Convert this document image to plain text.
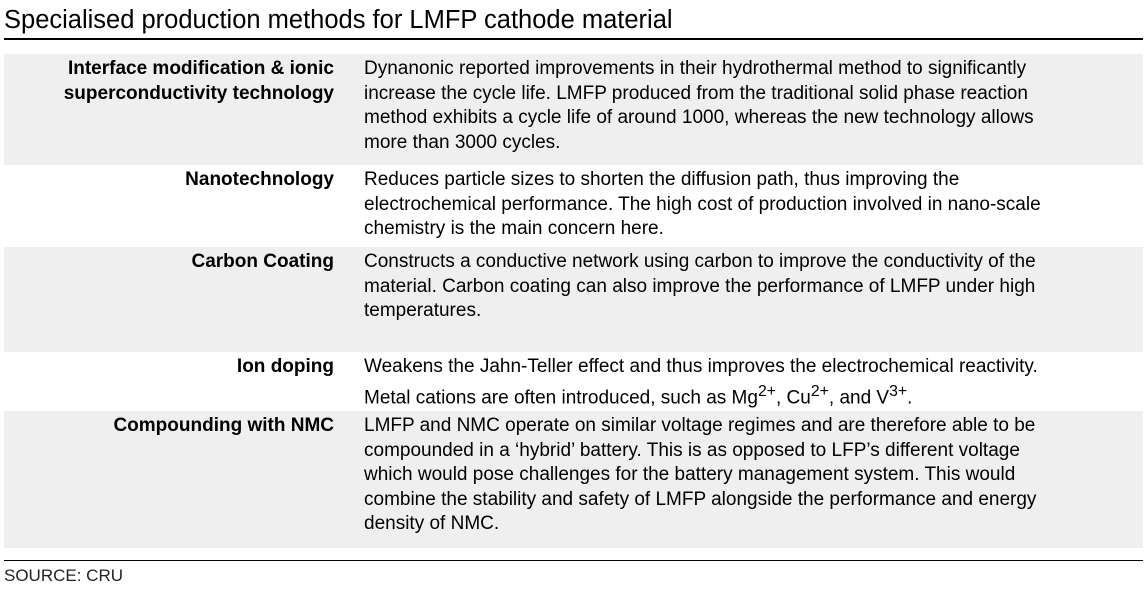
Specialised production methods for LMFP cathode material
Interface modification & ionic
superconductivity technology
Dynanonic reported improvements in their hydrothermal method to significantly
increase the cycle life. LMFP produced from the traditional solid phase reaction
method exhibits a cycle life of around 1000, whereas the new technology allows
more than 3000 cycles.
Nanotechnology Reduces particle sizes to shorten the diffusion path, thus improving the
electrochemical performance. The high cost of production involved in nano-scale
chemistry is the main concern here.
Carbon Coating Constructs a conductive network using carbon to improve the conductivity of the
material. Carbon coating can also improve the performance of LMFP under high
temperatures.
Ion doping Weakens the Jahn-Teller effect and thus improves the electrochemical reactivity.
Metal cations are often introduced, such as $Mg^{2+}$, $Cu^{2+}$, and $V^{3+}$.
Compounding with NMC LMFP and NMC operate on similar voltage regimes and are therefore able to be
compounded in a ‘hybrid’ battery. This is as opposed to LFP’s different voltage
which would pose challenges for the battery management system. This would
combine the stability and safety of LMFP alongside the performance and energy
density of NMC.
SOURCE: CRU
